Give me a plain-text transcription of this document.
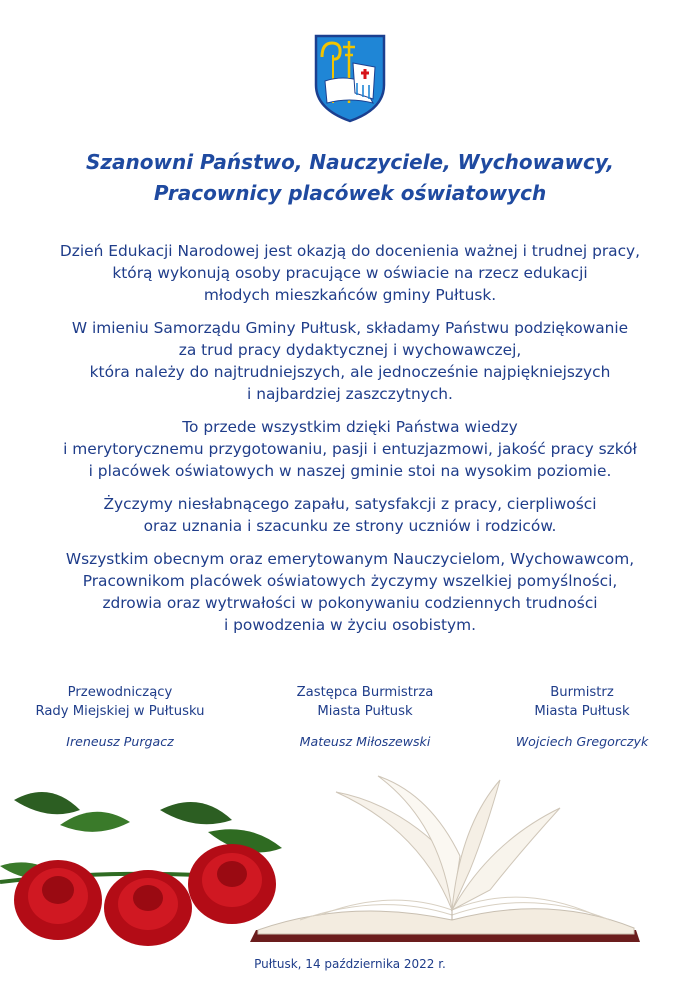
Szanowni Państwo, Nauczyciele, Wychowawcy,
Pracownicy placówek oświatowych

Dzień Edukacji Narodowej jest okazją do docenienia ważnej i trudnej pracy,
którą wykonują osoby pracujące w oświacie na rzecz edukacji
młodych mieszkańców gminy Pułtusk.

W imieniu Samorządu Gminy Pułtusk, składamy Państwu podziękowanie
za trud pracy dydaktycznej i wychowawczej,
która należy do najtrudniejszych, ale jednocześnie najpiękniejszych
i najbardziej zaszczytnych.

To przede wszystkim dzięki Państwa wiedzy
i merytorycznemu przygotowaniu, pasji i entuzjazmowi, jakość pracy szkół
i placówek oświatowych w naszej gminie stoi na wysokim poziomie.

Życzymy niesłabnącego zapału, satysfakcji z pracy, cierpliwości
oraz uznania i szacunku ze strony uczniów i rodziców.

Wszystkim obecnym oraz emerytowanym Nauczycielom, Wychowawcom,
Pracownikom placówek oświatowych życzymy wszelkiej pomyślności,
zdrowia oraz wytrwałości w pokonywaniu codziennych trudności
i powodzenia w życiu osobistym.

Przewodniczący
Rady Miejskiej w Pułtusku
Ireneusz Purgacz
Zastępca Burmistrza
Miasta Pułtusk
Mateusz Miłoszewski
Burmistrz
Miasta Pułtusk
Wojciech Gregorczyk
Pułtusk, 14 października 2022 r.
